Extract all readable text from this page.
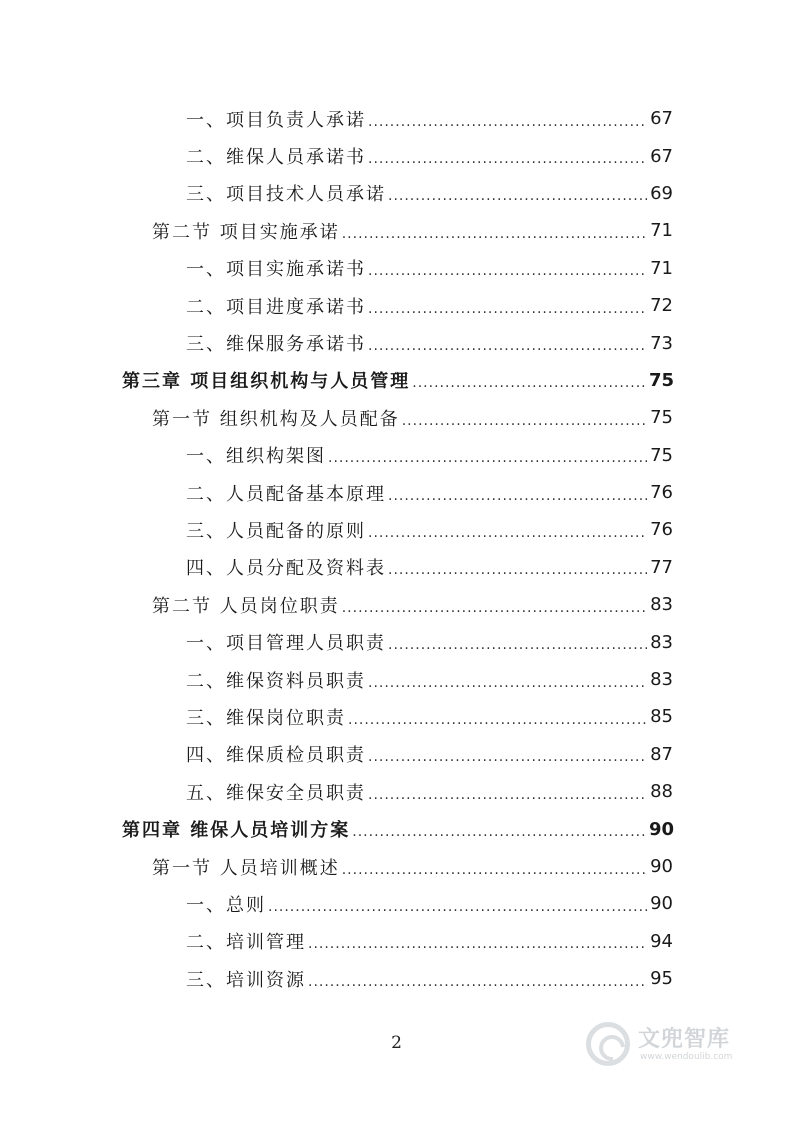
一、项目负责人承诺 .....	67
二、维保人员承诺书 .....	67
三、项目技术人员承诺 .....	69
第二节 项目实施承诺 .....	71
一、项目实施承诺书 .....	71
二、项目进度承诺书 .....	72
三、维保服务承诺书 .....	73
第三章 项目组织机构与人员管理 .....	75
第一节 组织机构及人员配备 .....	75
一、组织构架图 .....	75
二、人员配备基本原理 .....	76
三、人员配备的原则 .....	76
四、人员分配及资料表 .....	77
第二节 人员岗位职责 .....	83
一、项目管理人员职责 .....	83
二、维保资料员职责 .....	83
三、维保岗位职责 .....	85
四、维保质检员职责 .....	87
五、维保安全员职责 .....	88
第四章 维保人员培训方案 .....	90
第一节 人员培训概述 .....	90
一、总则 .....	90
二、培训管理 .....	94
三、培训资源 .....	95
2	文兜智库
www.wendoulib.com
